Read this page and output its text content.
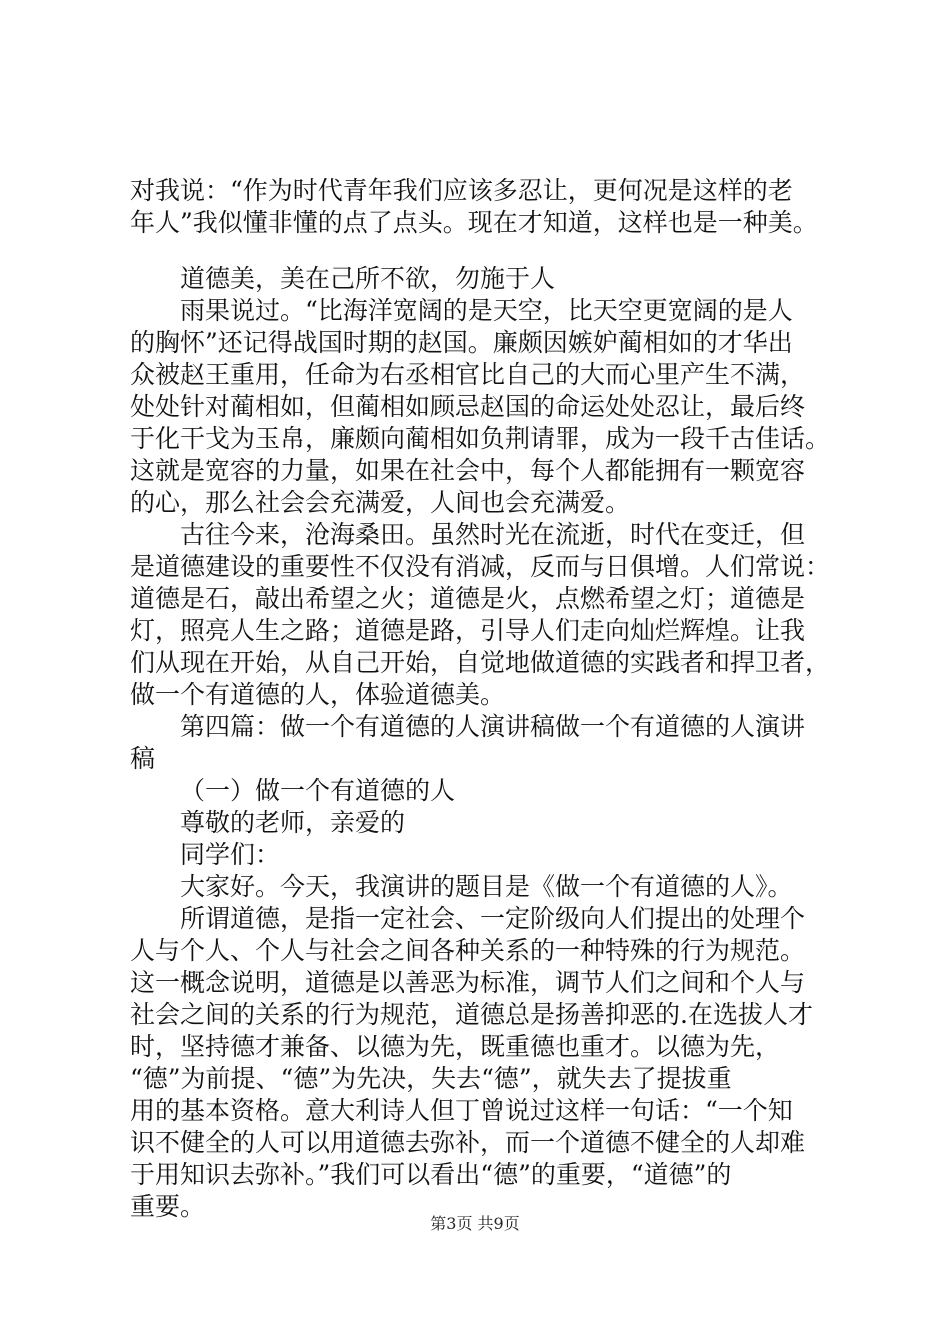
对我说：“作为时代青年我们应该多忍让，更何况是这样的老
年人”我似懂非懂的点了点头。现在才知道，这样也是一种美。
道德美，美在己所不欲，勿施于人
雨果说过。“比海洋宽阔的是天空，比天空更宽阔的是人
的胸怀”还记得战国时期的赵国。廉颇因嫉妒蔺相如的才华出
众被赵王重用，任命为右丞相官比自己的大而心里产生不满，
处处针对蔺相如，但蔺相如顾忌赵国的命运处处忍让，最后终
于化干戈为玉帛，廉颇向蔺相如负荆请罪，成为一段千古佳话。
这就是宽容的力量，如果在社会中，每个人都能拥有一颗宽容
的心，那么社会会充满爱，人间也会充满爱。
古往今来，沧海桑田。虽然时光在流逝，时代在变迁，但
是道德建设的重要性不仅没有消减，反而与日俱增。人们常说：
道德是石，敲出希望之火；道德是火，点燃希望之灯；道德是
灯，照亮人生之路；道德是路，引导人们走向灿烂辉煌。让我
们从现在开始，从自己开始，自觉地做道德的实践者和捍卫者，
做一个有道德的人，体验道德美。
第四篇：做一个有道德的人演讲稿做一个有道德的人演讲
稿
（一）做一个有道德的人
尊敬的老师，亲爱的
同学们：
大家好。今天，我演讲的题目是《做一个有道德的人》。
所谓道德，是指一定社会、一定阶级向人们提出的处理个
人与个人、个人与社会之间各种关系的一种特殊的行为规范。
这一概念说明，道德是以善恶为标准，调节人们之间和个人与
社会之间的关系的行为规范，道德总是扬善抑恶的.在选拔人才
时，坚持德才兼备、以德为先，既重德也重才。以德为先，
“德”为前提、“德”为先决，失去“德”，就失去了提拔重
用的基本资格。意大利诗人但丁曾说过这样一句话：“一个知
识不健全的人可以用道德去弥补，而一个道德不健全的人却难
于用知识去弥补。”我们可以看出“德”的重要，“道德”的
重要。
第3页 共9页
